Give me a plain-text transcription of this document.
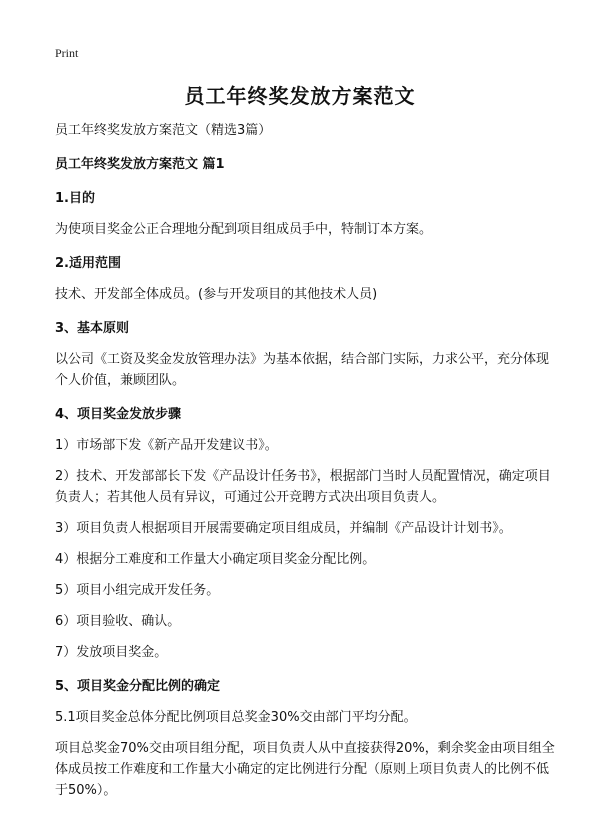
Print
员工年终奖发放方案范文

员工年终奖发放方案范文（精选3篇）

员工年终奖发放方案范文 篇1

1.目的

为使项目奖金公正合理地分配到项目组成员手中，特制订本方案。

2.适用范围

技术、开发部全体成员。(参与开发项目的其他技术人员)

3、基本原则

以公司《工资及奖金发放管理办法》为基本依据，结合部门实际，力求公平，充分体现个人价值，兼顾团队。

4、项目奖金发放步骤

1）市场部下发《新产品开发建议书》。

2）技术、开发部部长下发《产品设计任务书》，根据部门当时人员配置情况，确定项目负责人；若其他人员有异议，可通过公开竞聘方式决出项目负责人。

3）项目负责人根据项目开展需要确定项目组成员，并编制《产品设计计划书》。

4）根据分工难度和工作量大小确定项目奖金分配比例。

5）项目小组完成开发任务。

6）项目验收、确认。

7）发放项目奖金。

5、项目奖金分配比例的确定

5.1项目奖金总体分配比例项目总奖金30%交由部门平均分配。

项目总奖金70%交由项目组分配，项目负责人从中直接获得20%，剩余奖金由项目组全体成员按工作难度和工作量大小确定的定比例进行分配（原则上项目负责人的比例不低于50%）。
